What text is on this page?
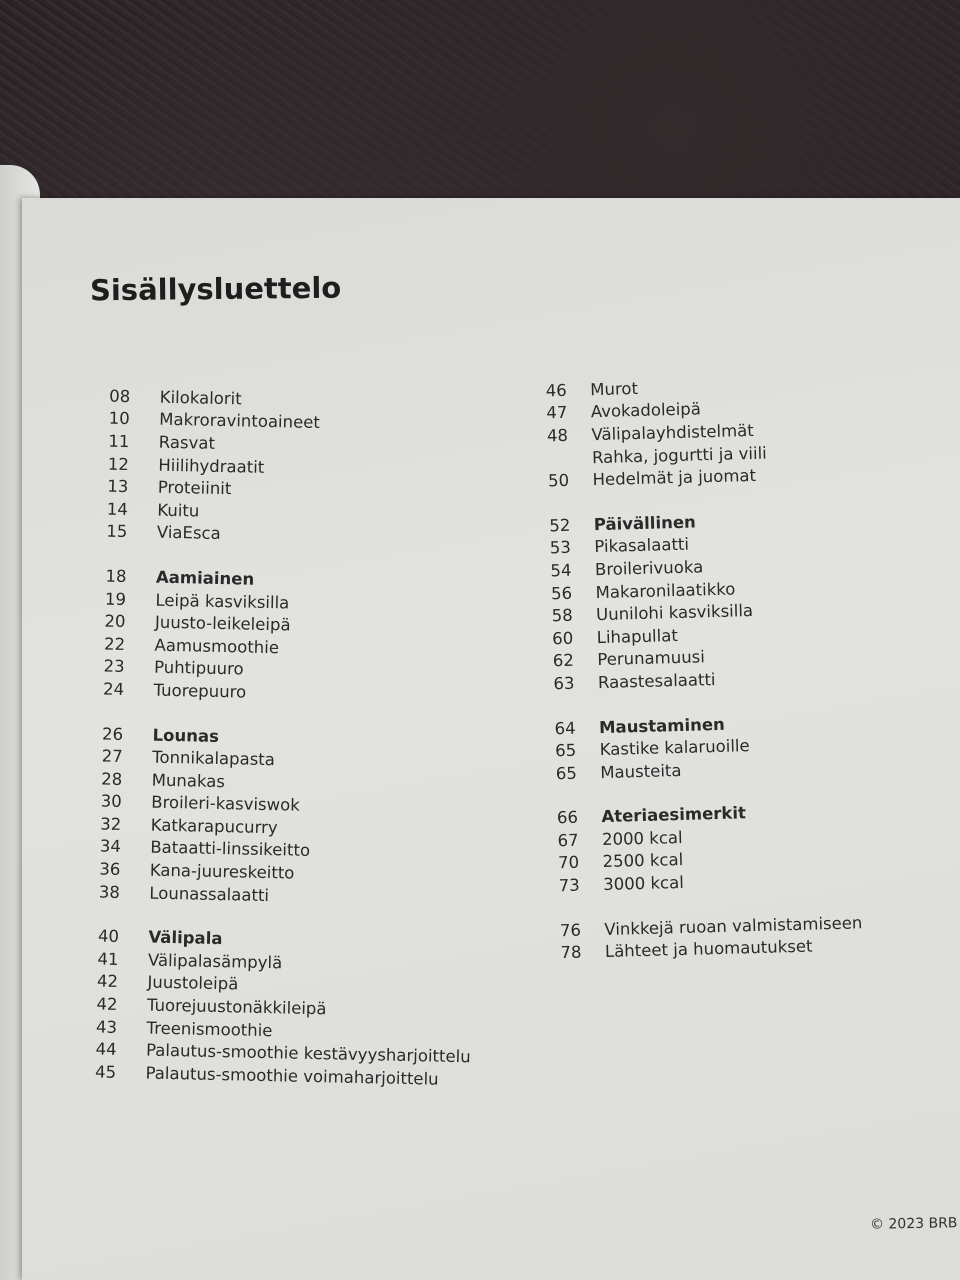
Sisällysluettelo
08	Kilokalorit
10	Makroravintoaineet
11	Rasvat
12	Hiilihydraatit
13	Proteiinit
14	Kuitu
15	ViaEsca
18	Aamiainen
19	Leipä kasviksilla
20	Juusto-leikeleipä
22	Aamusmoothie
23	Puhtipuuro
24	Tuorepuuro
26	Lounas
27	Tonnikalapasta
28	Munakas
30	Broileri-kasviswok
32	Katkarapucurry
34	Bataatti-linssikeitto
36	Kana-juureskeitto
38	Lounassalaatti
40	Välipala
41	Välipalasämpylä
42	Juustoleipä
42	Tuorejuustonäkkileipä
43	Treenismoothie
44	Palautus-smoothie kestävyysharjoittelu
45	Palautus-smoothie voimaharjoittelu
46	Murot
47	Avokadoleipä
48	Välipalayhdistelmät
Rahka, jogurtti ja viili
50	Hedelmät ja juomat
52	Päivällinen
53	Pikasalaatti
54	Broilerivuoka
56	Makaronilaatikko
58	Uunilohi kasviksilla
60	Lihapullat
62	Perunamuusi
63	Raastesalaatti
64	Maustaminen
65	Kastike kalaruoille
65	Mausteita
66	Ateriaesimerkit
67	2000 kcal
70	2500 kcal
73	3000 kcal
76	Vinkkejä ruoan valmistamiseen
78	Lähteet ja huomautukset
© 2023 BRB
